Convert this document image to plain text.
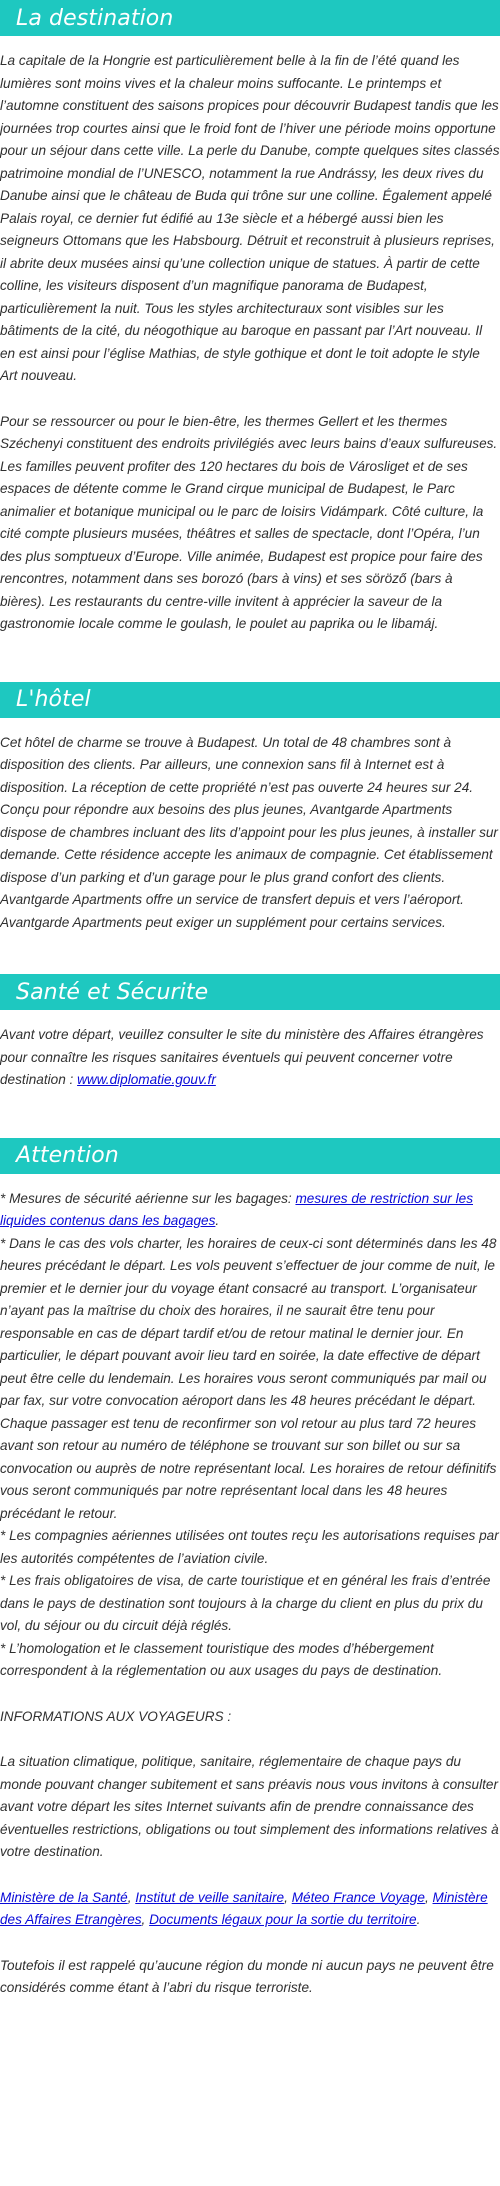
La destination

La capitale de la Hongrie est particulièrement belle à la fin de l’été quand les lumières sont moins vives et la chaleur moins suffocante. Le printemps et l’automne constituent des saisons propices pour découvrir Budapest tandis que les journées trop courtes ainsi que le froid font de l’hiver une période moins opportune pour un séjour dans cette ville. La perle du Danube, compte quelques sites classés patrimoine mondial de l’UNESCO, notamment la rue Andrássy, les deux rives du Danube ainsi que le château de Buda qui trône sur une colline. Également appelé Palais royal, ce dernier fut édifié au 13e siècle et a hébergé aussi bien les seigneurs Ottomans que les Habsbourg. Détruit et reconstruit à plusieurs reprises, il abrite deux musées ainsi qu’une collection unique de statues. À partir de cette colline, les visiteurs disposent d’un magnifique panorama de Budapest, particulièrement la nuit. Tous les styles architecturaux sont visibles sur les bâtiments de la cité, du néogothique au baroque en passant par l’Art nouveau. Il en est ainsi pour l’église Mathias, de style gothique et dont le toit adopte le style Art nouveau.

Pour se ressourcer ou pour le bien-être, les thermes Gellert et les thermes Széchenyi constituent des endroits privilégiés avec leurs bains d’eaux sulfureuses. Les familles peuvent profiter des 120 hectares du bois de Városliget et de ses espaces de détente comme le Grand cirque municipal de Budapest, le Parc animalier et botanique municipal ou le parc de loisirs Vidámpark. Côté culture, la cité compte plusieurs musées, théâtres et salles de spectacle, dont l’Opéra, l’un des plus somptueux d’Europe. Ville animée, Budapest est propice pour faire des rencontres, notamment dans ses borozó (bars à vins) et ses söröző (bars à bières). Les restaurants du centre-ville invitent à apprécier la saveur de la gastronomie locale comme le goulash, le poulet au paprika ou le libamáj.

L'hôtel

Cet hôtel de charme se trouve à Budapest. Un total de 48 chambres sont à disposition des clients. Par ailleurs, une connexion sans fil à Internet est à disposition. La réception de cette propriété n’est pas ouverte 24 heures sur 24. Conçu pour répondre aux besoins des plus jeunes, Avantgarde Apartments dispose de chambres incluant des lits d’appoint pour les plus jeunes, à installer sur demande. Cette résidence accepte les animaux de compagnie. Cet établissement dispose d’un parking et d’un garage pour le plus grand confort des clients. Avantgarde Apartments offre un service de transfert depuis et vers l’aéroport. Avantgarde Apartments peut exiger un supplément pour certains services.

Santé et Sécurite

Avant votre départ, veuillez consulter le site du ministère des Affaires étrangères pour connaître les risques sanitaires éventuels qui peuvent concerner votre destination : www.diplomatie.gouv.fr

Attention

* Mesures de sécurité aérienne sur les bagages: mesures de restriction sur les liquides contenus dans les bagages.
* Dans le cas des vols charter, les horaires de ceux-ci sont déterminés dans les 48 heures précédant le départ. Les vols peuvent s’effectuer de jour comme de nuit, le premier et le dernier jour du voyage étant consacré au transport. L’organisateur n’ayant pas la maîtrise du choix des horaires, il ne saurait être tenu pour responsable en cas de départ tardif et/ou de retour matinal le dernier jour. En particulier, le départ pouvant avoir lieu tard en soirée, la date effective de départ peut être celle du lendemain. Les horaires vous seront communiqués par mail ou par fax, sur votre convocation aéroport dans les 48 heures précédant le départ. Chaque passager est tenu de reconfirmer son vol retour au plus tard 72 heures avant son retour au numéro de téléphone se trouvant sur son billet ou sur sa convocation ou auprès de notre représentant local. Les horaires de retour définitifs vous seront communiqués par notre représentant local dans les 48 heures précédant le retour.
* Les compagnies aériennes utilisées ont toutes reçu les autorisations requises par les autorités compétentes de l’aviation civile.
* Les frais obligatoires de visa, de carte touristique et en général les frais d’entrée dans le pays de destination sont toujours à la charge du client en plus du prix du vol, du séjour ou du circuit déjà réglés.
* L’homologation et le classement touristique des modes d’hébergement correspondent à la réglementation ou aux usages du pays de destination.

INFORMATIONS AUX VOYAGEURS :

La situation climatique, politique, sanitaire, réglementaire de chaque pays du monde pouvant changer subitement et sans préavis nous vous invitons à consulter avant votre départ les sites Internet suivants afin de prendre connaissance des éventuelles restrictions, obligations ou tout simplement des informations relatives à votre destination.

Ministère de la Santé, Institut de veille sanitaire, Méteo France Voyage, Ministère des Affaires Etrangères, Documents légaux pour la sortie du territoire.

Toutefois il est rappelé qu’aucune région du monde ni aucun pays ne peuvent être considérés comme étant à l’abri du risque terroriste.
